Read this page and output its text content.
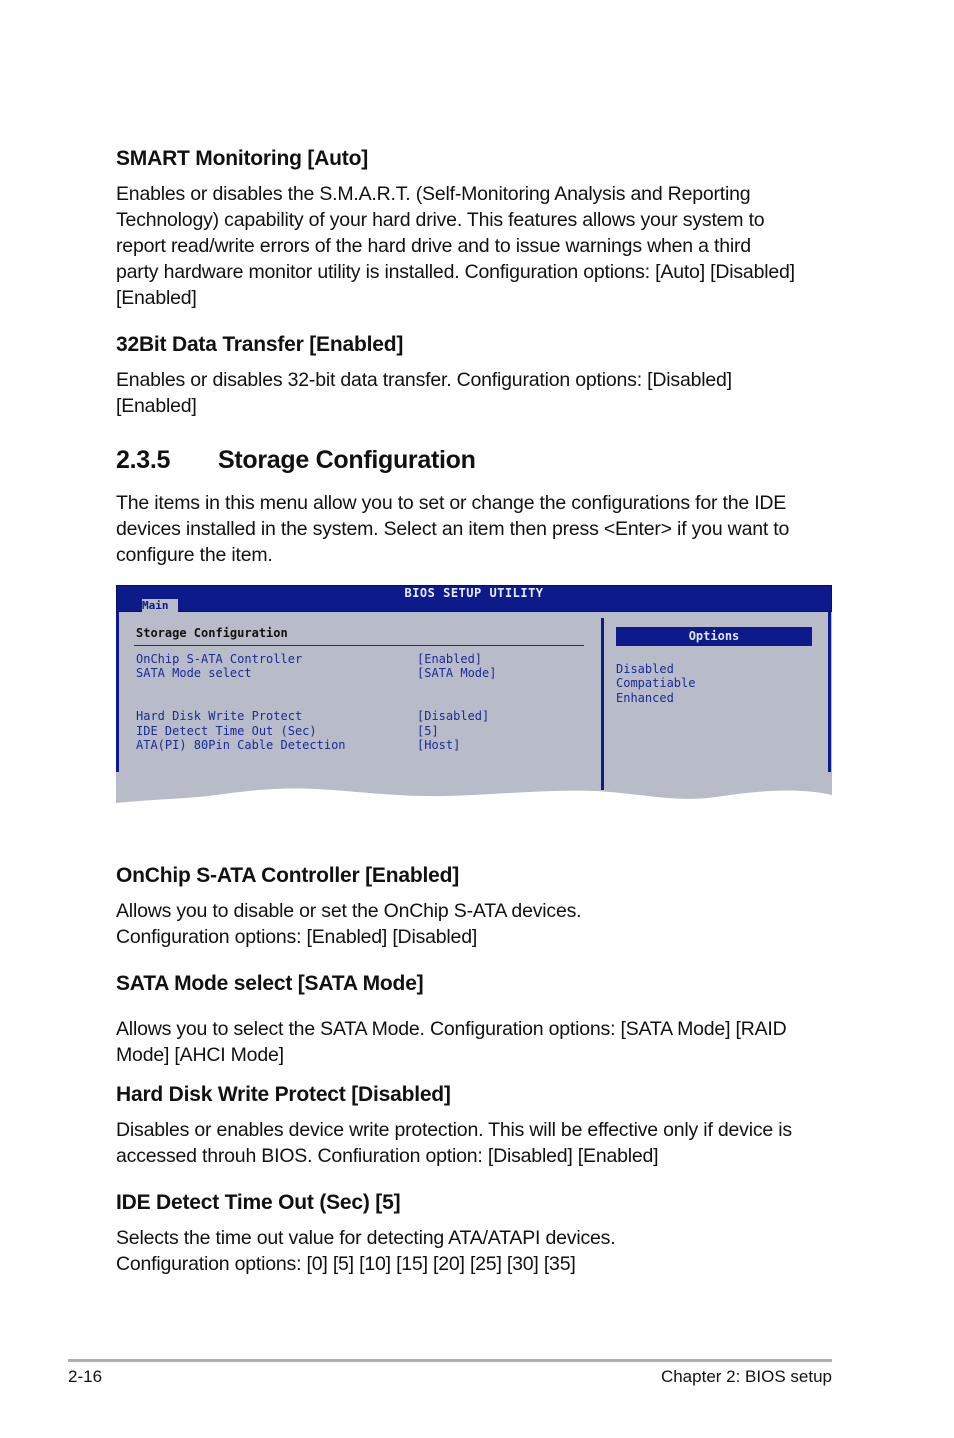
SMART Monitoring [Auto]

Enables or disables the S.M.A.R.T. (Self-Monitoring Analysis and Reporting
Technology) capability of your hard drive. This features allows your system to
report read/write errors of the hard drive and to issue warnings when a third
party hardware monitor utility is installed. Configuration options: [Auto] [Disabled]
[Enabled]

32Bit Data Transfer [Enabled]

Enables or disables 32-bit data transfer. Configuration options: [Disabled]
[Enabled]

2.3.5 Storage Configuration

The items in this menu allow you to set or change the configurations for the IDE
devices installed in the system. Select an item then press <Enter> if you want to
configure the item.

BIOS SETUP UTILITY
Main
Storage Configuration
OnChip S-ATA Controller	[Enabled]
SATA Mode select	[SATA Mode]
Hard Disk Write Protect	[Disabled]
IDE Detect Time Out (Sec)	[5]
ATA(PI) 80Pin Cable Detection	[Host]
Options
Disabled
Compatiable
Enhanced
OnChip S-ATA Controller [Enabled]

Allows you to disable or set the OnChip S-ATA devices.
Configuration options: [Enabled] [Disabled]

SATA Mode select [SATA Mode]

Allows you to select the SATA Mode. Configuration options: [SATA Mode] [RAID
Mode] [AHCI Mode]

Hard Disk Write Protect [Disabled]

Disables or enables device write protection. This will be effective only if device is
accessed throuh BIOS. Confiuration option: [Disabled] [Enabled]

IDE Detect Time Out (Sec) [5]

Selects the time out value for detecting ATA/ATAPI devices.
Configuration options: [0] [5] [10] [15] [20] [25] [30] [35]

2-16	Chapter 2: BIOS setup
